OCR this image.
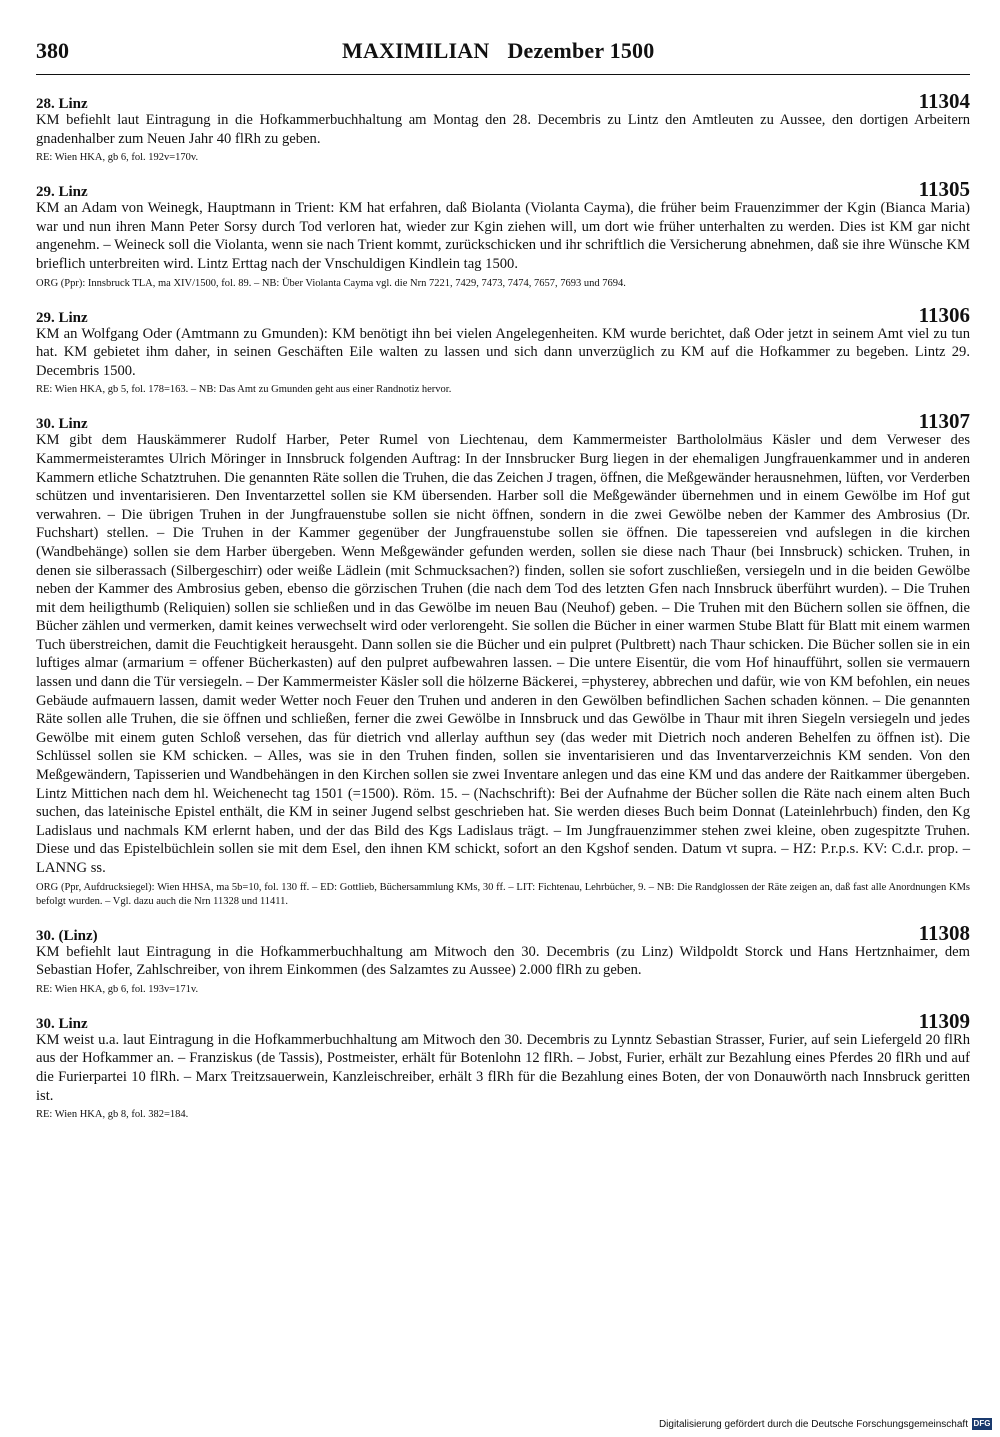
380	MAXIMILIAN Dezember 1500
28. Linz	11304

KM befiehlt laut Eintragung in die Hofkammerbuchhaltung am Montag den 28. Decembris zu Lintz den Amtleuten zu Aussee, den dortigen Arbeitern gnadenhalber zum Neuen Jahr 40 flRh zu geben.

RE: Wien HKA, gb 6, fol. 192v=170v.

29. Linz	11305

KM an Adam von Weinegk, Hauptmann in Trient: KM hat erfahren, daß Biolanta (Violanta Cayma), die früher beim Frauenzimmer der Kgin (Bianca Maria) war und nun ihren Mann Peter Sorsy durch Tod verloren hat, wieder zur Kgin ziehen will, um dort wie früher unterhalten zu werden. Dies ist KM gar nicht angenehm. – Weineck soll die Violanta, wenn sie nach Trient kommt, zurückschicken und ihr schriftlich die Versicherung abnehmen, daß sie ihre Wünsche KM brieflich unterbreiten wird. Lintz Erttag nach der Vnschuldigen Kindlein tag 1500.

ORG (Ppr): Innsbruck TLA, ma XIV/1500, fol. 89. – NB: Über Violanta Cayma vgl. die Nrn 7221, 7429, 7473, 7474, 7657, 7693 und 7694.

29. Linz	11306

KM an Wolfgang Oder (Amtmann zu Gmunden): KM benötigt ihn bei vielen Angelegenheiten. KM wurde berichtet, daß Oder jetzt in seinem Amt viel zu tun hat. KM gebietet ihm daher, in seinen Geschäften Eile walten zu lassen und sich dann unverzüglich zu KM auf die Hofkammer zu begeben. Lintz 29. Decembris 1500.

RE: Wien HKA, gb 5, fol. 178=163. – NB: Das Amt zu Gmunden geht aus einer Randnotiz hervor.

30. Linz	11307

KM gibt dem Hauskämmerer Rudolf Harber, Peter Rumel von Liechtenau, dem Kammermeister Barthololmäus Käsler und dem Verweser des Kammermeisteramtes Ulrich Möringer in Innsbruck folgenden Auftrag: In der Innsbrucker Burg liegen in der ehemaligen Jungfrauenkammer und in anderen Kammern etliche Schatztruhen. Die genannten Räte sollen die Truhen, die das Zeichen J tragen, öffnen, die Meßgewänder herausnehmen, lüften, vor Verderben schützen und inventarisieren. Den Inventarzettel sollen sie KM übersenden. Harber soll die Meßgewänder übernehmen und in einem Gewölbe im Hof gut verwahren. – Die übrigen Truhen in der Jungfrauenstube sollen sie nicht öffnen, sondern in die zwei Gewölbe neben der Kammer des Ambrosius (Dr. Fuchshart) stellen. – Die Truhen in der Kammer gegenüber der Jungfrauenstube sollen sie öffnen. Die tapessereien vnd aufslegen in die kirchen (Wandbehänge) sollen sie dem Harber übergeben. Wenn Meßgewänder gefunden werden, sollen sie diese nach Thaur (bei Innsbruck) schicken. Truhen, in denen sie silberassach (Silbergeschirr) oder weiße Lädlein (mit Schmucksachen?) finden, sollen sie sofort zuschließen, versiegeln und in die beiden Gewölbe neben der Kammer des Ambrosius geben, ebenso die görzischen Truhen (die nach dem Tod des letzten Gfen nach Innsbruck überführt wurden). – Die Truhen mit dem heiligthumb (Reliquien) sollen sie schließen und in das Gewölbe im neuen Bau (Neuhof) geben. – Die Truhen mit den Büchern sollen sie öffnen, die Bücher zählen und vermerken, damit keines verwechselt wird oder verlorengeht. Sie sollen die Bücher in einer warmen Stube Blatt für Blatt mit einem warmen Tuch überstreichen, damit die Feuchtigkeit herausgeht. Dann sollen sie die Bücher und ein pulpret (Pultbrett) nach Thaur schicken. Die Bücher sollen sie in ein luftiges almar (armarium = offener Bücherkasten) auf den pulpret aufbewahren lassen. – Die untere Eisentür, die vom Hof hinaufführt, sollen sie vermauern lassen und dann die Tür versiegeln. – Der Kammermeister Käsler soll die hölzerne Bäckerei, =physterey, abbrechen und dafür, wie von KM befohlen, ein neues Gebäude aufmauern lassen, damit weder Wetter noch Feuer den Truhen und anderen in den Gewölben befindlichen Sachen schaden können. – Die genannten Räte sollen alle Truhen, die sie öffnen und schließen, ferner die zwei Gewölbe in Innsbruck und das Gewölbe in Thaur mit ihren Siegeln versiegeln und jedes Gewölbe mit einem guten Schloß versehen, das für dietrich vnd allerlay aufthun sey (das weder mit Dietrich noch anderen Behelfen zu öffnen ist). Die Schlüssel sollen sie KM schicken. – Alles, was sie in den Truhen finden, sollen sie inventarisieren und das Inventarverzeichnis KM senden. Von den Meßgewändern, Tapisserien und Wandbehängen in den Kirchen sollen sie zwei Inventare anlegen und das eine KM und das andere der Raitkammer übergeben. Lintz Mittichen nach dem hl. Weichenecht tag 1501 (=1500). Röm. 15. – (Nachschrift): Bei der Aufnahme der Bücher sollen die Räte nach einem alten Buch suchen, das lateinische Epistel enthält, die KM in seiner Jugend selbst geschrieben hat. Sie werden dieses Buch beim Donnat (Lateinlehrbuch) finden, den Kg Ladislaus und nachmals KM erlernt haben, und der das Bild des Kgs Ladislaus trägt. – Im Jungfrauenzimmer stehen zwei kleine, oben zugespitzte Truhen. Diese und das Epistelbüchlein sollen sie mit dem Esel, den ihnen KM schickt, sofort an den Kgshof senden. Datum vt supra. – HZ: P.r.p.s. KV: C.d.r. prop. – LANNG ss.

ORG (Ppr, Aufdrucksiegel): Wien HHSA, ma 5b=10, fol. 130 ff. – ED: Gottlieb, Büchersammlung KMs, 30 ff. – LIT: Fichtenau, Lehrbücher, 9. – NB: Die Randglossen der Räte zeigen an, daß fast alle Anordnungen KMs befolgt wurden. – Vgl. dazu auch die Nrn 11328 und 11411.

30. (Linz)	11308

KM befiehlt laut Eintragung in die Hofkammerbuchhaltung am Mitwoch den 30. Decembris (zu Linz) Wildpoldt Storck und Hans Hertznhaimer, dem Sebastian Hofer, Zahlschreiber, von ihrem Einkommen (des Salzamtes zu Aussee) 2.000 flRh zu geben.

RE: Wien HKA, gb 6, fol. 193v=171v.

30. Linz	11309

KM weist u.a. laut Eintragung in die Hofkammerbuchhaltung am Mitwoch den 30. Decembris zu Lynntz Sebastian Strasser, Furier, auf sein Liefergeld 20 flRh aus der Hofkammer an. – Franziskus (de Tassis), Postmeister, erhält für Botenlohn 12 flRh. – Jobst, Furier, erhält zur Bezahlung eines Pferdes 20 flRh und auf die Furierpartei 10 flRh. – Marx Treitzsauerwein, Kanzleischreiber, erhält 3 flRh für die Bezahlung eines Boten, der von Donauwörth nach Innsbruck geritten ist.

RE: Wien HKA, gb 8, fol. 382=184.

Digitalisierung gefördert durch die Deutsche Forschungsgemeinschaft DFG
